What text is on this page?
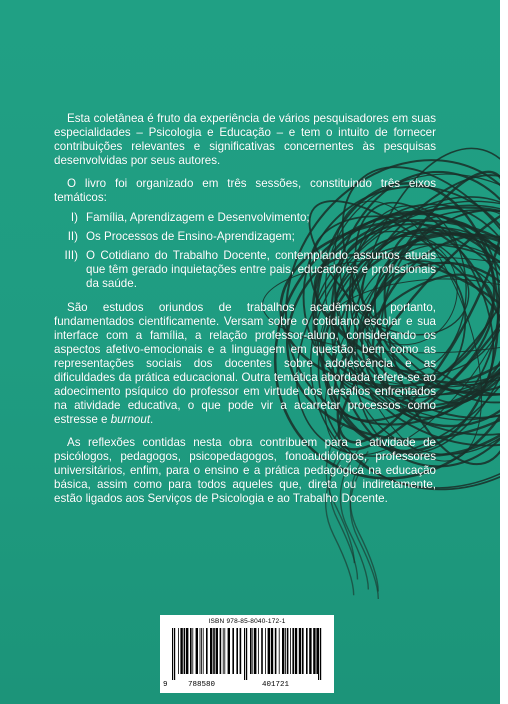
Esta coletânea é fruto da experiência de vários pesquisadores em suas especialidades – Psicologia e Educação – e tem o intuito de fornecer contribuições relevantes e significativas concernentes às pesquisas desenvolvidas por seus autores.

O livro foi organizado em três sessões, constituindo três eixos temáticos:

I) Família, Aprendizagem e Desenvolvimento;
II) Os Processos de Ensino-Aprendizagem;
III) O Cotidiano do Trabalho Docente, contemplando assuntos atuais que têm gerado inquietações entre pais, educadores e profissionais da saúde.

São estudos oriundos de trabalhos acadêmicos, portanto, fundamentados cientificamente. Versam sobre o cotidiano escolar e sua interface com a família, a relação professor-aluno, considerando os aspectos afetivo-emocionais e a linguagem em questão, bem como as representações sociais dos docentes sobre adolescência e as dificuldades da prática educacional. Outra temática abordada refere-se ao adoecimento psíquico do professor em virtude dos desafios enfrentados na atividade educativa, o que pode vir a acarretar processos como estresse e burnout.

As reflexões contidas nesta obra contribuem para a atividade de psicólogos, pedagogos, psicopedagogos, fonoaudiólogos, professores universitários, enfim, para o ensino e a prática pedagógica na educação básica, assim como para todos aqueles que, direta ou indiretamente, estão ligados aos Serviços de Psicologia e ao Trabalho Docente.

ISBN 978-85-8040-172-1
9	788580	401721
